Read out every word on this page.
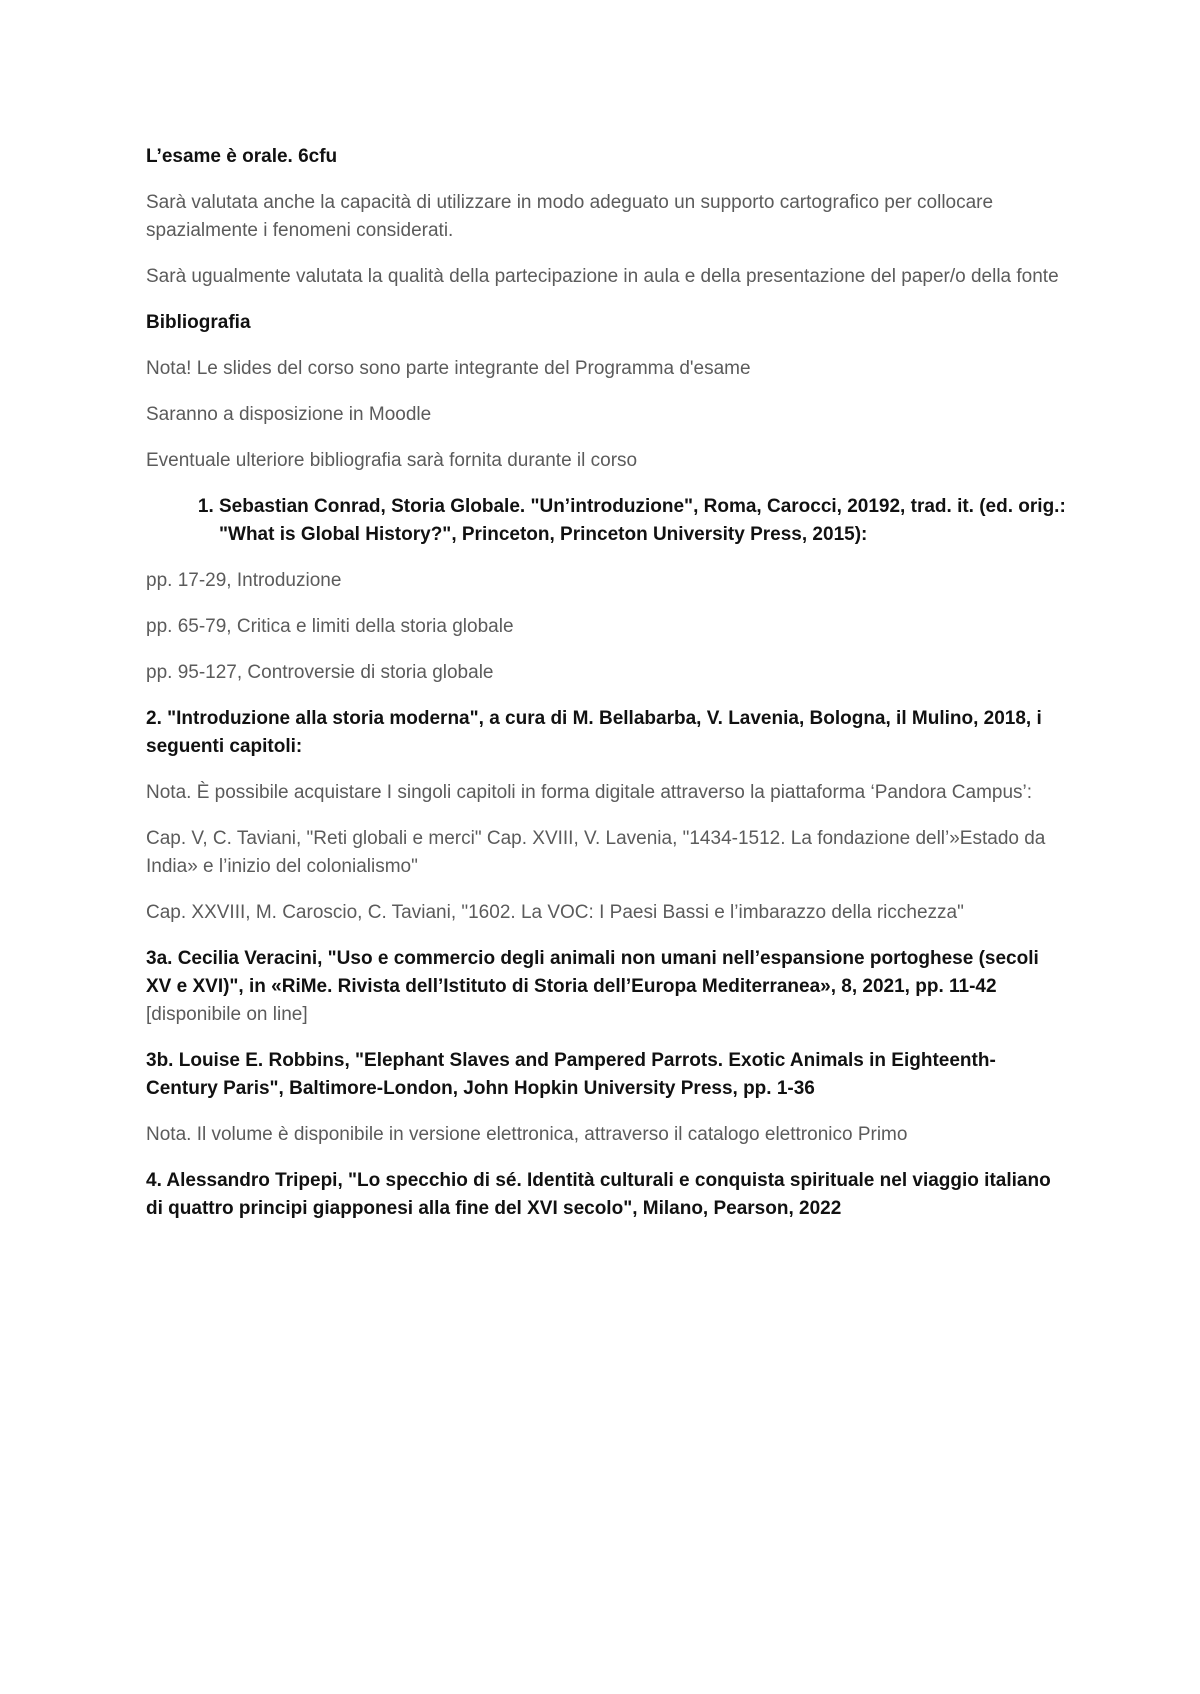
L’esame è orale. 6cfu

Sarà valutata anche la capacità di utilizzare in modo adeguato un supporto cartografico per collocare spazialmente i fenomeni considerati.

Sarà ugualmente valutata la qualità della partecipazione in aula e della presentazione del paper/o della fonte

Bibliografia

Nota! Le slides del corso sono parte integrante del Programma d'esame

Saranno a disposizione in Moodle

Eventuale ulteriore bibliografia sarà fornita durante il corso

1. Sebastian Conrad, Storia Globale. "Un’introduzione", Roma, Carocci, 20192, trad. it. (ed. orig.: "What is Global History?", Princeton, Princeton University Press, 2015):

pp. 17-29, Introduzione

pp. 65-79, Critica e limiti della storia globale

pp. 95-127, Controversie di storia globale

2. "Introduzione alla storia moderna", a cura di M. Bellabarba, V. Lavenia, Bologna, il Mulino, 2018, i seguenti capitoli:

Nota. È possibile acquistare I singoli capitoli in forma digitale attraverso la piattaforma ‘Pandora Campus’:

Cap. V, C. Taviani, "Reti globali e merci" Cap. XVIII, V. Lavenia, "1434-1512. La fondazione dell’»Estado da India» e l’inizio del colonialismo"

Cap. XXVIII, M. Caroscio, C. Taviani, "1602. La VOC: I Paesi Bassi e l’imbarazzo della ricchezza"

3a. Cecilia Veracini, "Uso e commercio degli animali non umani nell’espansione portoghese (secoli XV e XVI)", in «RiMe. Rivista dell’Istituto di Storia dell’Europa Mediterranea», 8, 2021, pp. 11-42 [disponibile on line]

3b. Louise E. Robbins, "Elephant Slaves and Pampered Parrots. Exotic Animals in Eighteenth-Century Paris", Baltimore-London, John Hopkin University Press, pp. 1-36

Nota. Il volume è disponibile in versione elettronica, attraverso il catalogo elettronico Primo

4. Alessandro Tripepi, "Lo specchio di sé. Identità culturali e conquista spirituale nel viaggio italiano di quattro principi giapponesi alla fine del XVI secolo", Milano, Pearson, 2022
